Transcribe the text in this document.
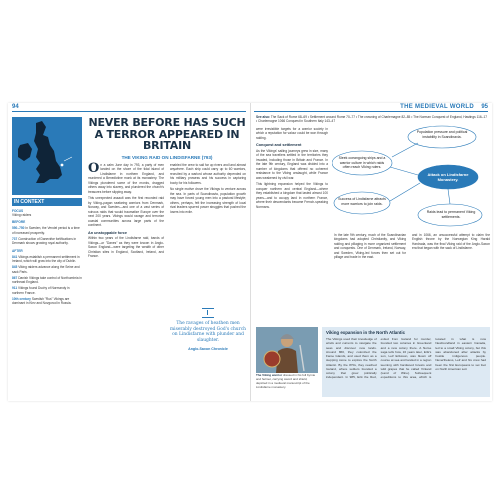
94	THE MEDIEVAL WORLD 95
IN CONTEXT
FOCUS
Viking raiders
BEFORE
550–750 In Sweden, the Vendel period is a time of increased prosperity.
737 Construction of Danevirke fortifications in Denmark shows growing royal authority.
AFTER
841 Vikings establish a permanent settlement in Ireland, which will grow into the city of Dublin.
845 Viking raiders advance along the Seine and sack Paris.
867 Danish Vikings take control of Northumbria in northeast England.
911 Vikings found Duchy of Normandy in northern France.
10th century Swedish "Rus" Vikings are dominant in Kiev and Novgorod in Russia.
NEVER BEFORE HAS SUCH A TERROR APPEARED IN BRITAIN
THE VIKING RAID ON LINDISFARNE (793)
O n a calm June day in 793, a party of men landed on the shore of the tidal island of Lindisfarne in northern England, and murdered a Benedictine monk at its monastery. The Vikings plundered some of the monks, dragged others away into slavery, and plundered the church's treasures before slipping away.

This unexpected assault was the first recorded raid by Viking–pagan seafaring warriors from Denmark, Norway, and Sweden—and one of a vast series of ruinous raids that would traumatize Europe over the next 200 years. Vikings would ravage and terrorize coastal communities across large parts of the continent.

An unstoppable force

Within two years of the Lindisfarne raid, bands of Vikings—or "Danes" as they were known in Anglo-Saxon England—were targeting the wealth of other Christian sites in England, Scotland, Ireland, and France.

enabled the crew to sail far up rivers and land almost anywhere. Each ship could carry up to 60 warriors, recruited by a warlord whose authority depended on his military prowess and his success in capturing booty for his followers.

No single motive drove the Vikings to venture across the sea. In parts of Scandinavia, population growth may have forced young men into a pastoral lifestyle; others, perhaps, felt the increasing strength of local rival leaders spurred power struggles that pushed the losers into exile.

The ravages of heathen men miserably destroyed God's church on Lindisfarne with plunder and slaughter.
Anglo-Saxon Chronicle
See also: The Sack of Rome 68–69 • Settlement around Rome 70–77 • The crowning of Charlemagne 82–85 • The Norman Conquest of England, Hastings 116–17 • Charlemagne 1066 Conquest in Southern Italy 143–47

were irresistible targets for a warrior society in which a reputation for valour could be won through raiding.

Conquest and settlement

As the Vikings' sailing journeys grew in size, many of the sea travellers settled in the territories they invaded, including those in Britain and France. In the late 9th century, England was divided into a number of kingdoms that offered no coherent resistance to the Viking onslaught, while France was weakened by civil war.

This lightning expansion helped the Vikings to conquer northern and central England—where they established a kingdom that lasted almost 100 years—and to occupy land in northern France, where their descendants became French-speaking Normans.

In the late 9th century, much of the Scandinavian kingdoms had adopted Christianity, and Viking raiding and pillaging in more organized settlement and conquests. One of Denmark, Ireland, Norway, and Sweden, Viking-led forces then set out for pillage and trade in the east.

and in 1066, an unsuccessful attempt to claim the English throne by the Norwegian King Harald Hardrada, was the final Viking raid of the Anglo-Saxon era that began with the sack of Lindisfarne.

Population pressure and political instability in Scandinavia.
Sleek oceangoing ships and a warrior culture in which raids often reach Viking rulers.
Success of Lindisfarne attracts more warriors to join raids.
Attack on Lindisfarne Monastery.
Raids lead to permanent Viking settlements.
The Viking warrior dressed in his full byrnie and helmet, carrying sword and shield, depicted in a medieval manuscript of the Lindisfarne monastery.
Viking expansion in the North Atlantic
The Vikings used their knowledge of winds and currents to navigate the seas and discover new lands. Around 860, they colonized the Faroe Islands, and used them as a stepping stone to explore the North Atlantic. By the 870s, they reached Iceland, where settlers founded a colony that grew politically independent. In 985, Erik the Red, exiled from Iceland for murder, founded two colonies in Greenland and a new colony there. A Norse saga tells how, 16 years later, Erik's son, Leif Eriksson, was blown off course at sea and landed in a region teeming with hardwood forests and wild grapes that he called Vinland (Land of Wine). Subsequent expeditions to this area, which is located in what is now Newfoundland in eastern Canada, led to a small Viking colony, but this was abandoned after attacks by hostile indigenous people. Nevertheless, Leif and his crew had been the first Europeans to set foot on North American soil.
